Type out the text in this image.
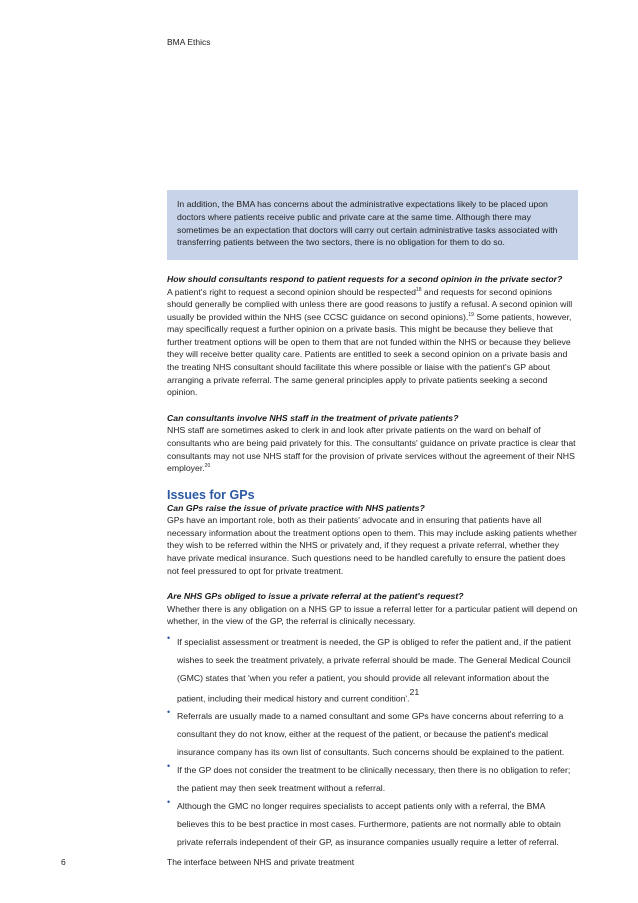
BMA Ethics

In addition, the BMA has concerns about the administrative expectations likely to be placed upon doctors where patients receive public and private care at the same time. Although there may sometimes be an expectation that doctors will carry out certain administrative tasks associated with transferring patients between the two sectors, there is no obligation for them to do so.

How should consultants respond to patient requests for a second opinion in the private sector?

A patient's right to request a second opinion should be respected$^{18}$ and requests for second opinions should generally be complied with unless there are good reasons to justify a refusal. A second opinion will usually be provided within the NHS (see CCSC guidance on second opinions).$^{19}$ Some patients, however, may specifically request a further opinion on a private basis. This might be because they believe that further treatment options will be open to them that are not funded within the NHS or because they believe they will receive better quality care. Patients are entitled to seek a second opinion on a private basis and the treating NHS consultant should facilitate this where possible or liaise with the patient's GP about arranging a private referral. The same general principles apply to private patients seeking a second opinion.

Can consultants involve NHS staff in the treatment of private patients?

NHS staff are sometimes asked to clerk in and look after private patients on the ward on behalf of consultants who are being paid privately for this. The consultants' guidance on private practice is clear that consultants may not use NHS staff for the provision of private services without the agreement of their NHS employer.$^{20}$

Issues for GPs

Can GPs raise the issue of private practice with NHS patients?

GPs have an important role, both as their patients' advocate and in ensuring that patients have all necessary information about the treatment options open to them. This may include asking patients whether they wish to be referred within the NHS or privately and, if they request a private referral, whether they have private medical insurance. Such questions need to be handled carefully to ensure the patient does not feel pressured to opt for private treatment.

Are NHS GPs obliged to issue a private referral at the patient's request?

Whether there is any obligation on a NHS GP to issue a referral letter for a particular patient will depend on whether, in the view of the GP, the referral is clinically necessary.

• If specialist assessment or treatment is needed, the GP is obliged to refer the patient and, if the patient wishes to seek the treatment privately, a private referral should be made. The General Medical Council (GMC) states that 'when you refer a patient, you should provide all relevant information about the patient, including their medical history and current condition'.$^{21}$
• Referrals are usually made to a named consultant and some GPs have concerns about referring to a consultant they do not know, either at the request of the patient, or because the patient's medical insurance company has its own list of consultants. Such concerns should be explained to the patient.
• If the GP does not consider the treatment to be clinically necessary, then there is no obligation to refer; the patient may then seek treatment without a referral.
• Although the GMC no longer requires specialists to accept patients only with a referral, the BMA believes this to be best practice in most cases. Furthermore, patients are not normally able to obtain private referrals independent of their GP, as insurance companies usually require a letter of referral.
6	The interface between NHS and private treatment
